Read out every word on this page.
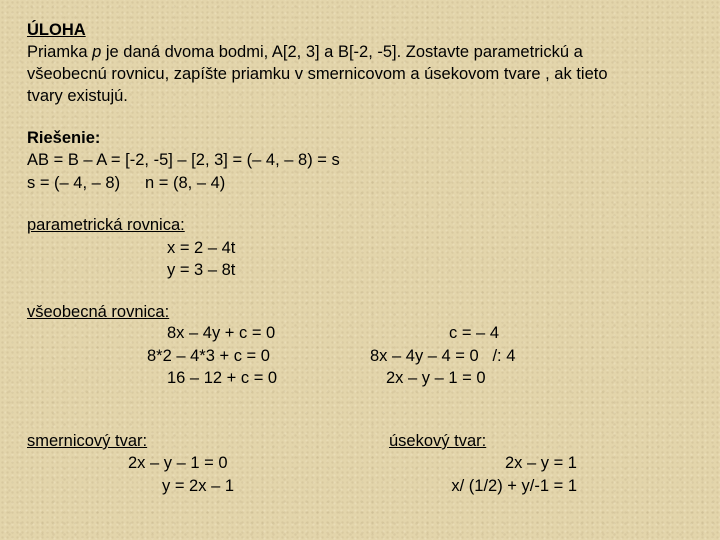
ÚLOHA
Priamka p je daná dvoma bodmi, A[2, 3] a B[-2, -5]. Zostavte parametrickú a
všeobecnú rovnicu, zapíšte priamku v smernicovom a úsekovom tvare , ak tieto
tvary existujú.
Riešenie:
AB = B – A = [-2, -5] – [2, 3] = (– 4, – 8) = s
s = (– 4, – 8) n = (8, – 4)
parametrická rovnica:
x = 2 – 4t
y = 3 – 8t
všeobecná rovnica:
8x – 4y + c = 0
8*2 – 4*3 + c = 0
16 – 12 + c = 0
c = – 4
8x – 4y – 4 = 0   /: 4
2x – y – 1 = 0
smernicový tvar:
2x – y – 1 = 0
y = 2x – 1
úsekový tvar:
2x – y = 1
x/ (1/2) + y/-1 = 1
